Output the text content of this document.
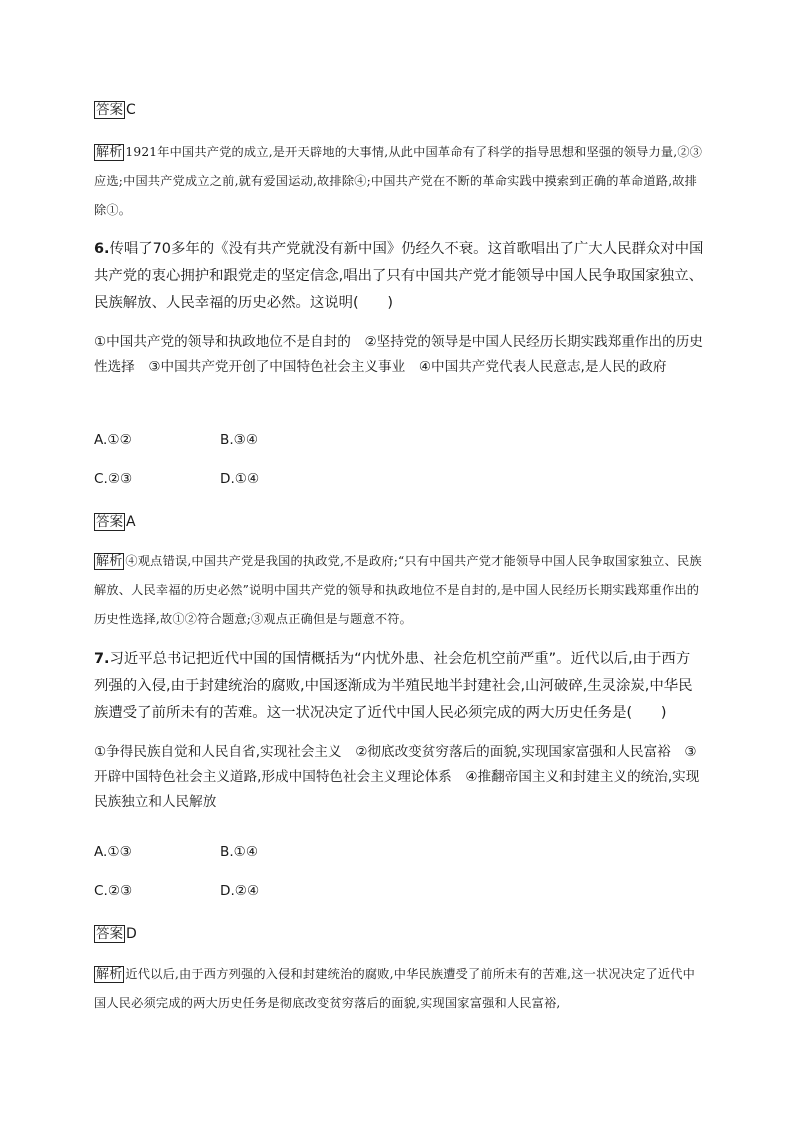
答案 C
解析 1921年中国共产党的成立,是开天辟地的大事情,从此中国革命有了科学的指导思想和坚强的领导力量,②③应选;中国共产党成立之前,就有爱国运动,故排除④;中国共产党在不断的革命实践中摸索到正确的革命道路,故排除①。
6.传唱了70多年的《没有共产党就没有新中国》仍经久不衰。这首歌唱出了广大人民群众对中国共产党的衷心拥护和跟党走的坚定信念,唱出了只有中国共产党才能领导中国人民争取国家独立、民族解放、人民幸福的历史必然。这说明(　　)
①中国共产党的领导和执政地位不是自封的　②坚持党的领导是中国人民经历长期实践郑重作出的历史性选择　③中国共产党开创了中国特色社会主义事业　④中国共产党代表人民意志,是人民的政府
A.①②	B.③④
C.②③	D.①④
答案 A
解析 ④观点错误,中国共产党是我国的执政党,不是政府;“只有中国共产党才能领导中国人民争取国家独立、民族解放、人民幸福的历史必然”说明中国共产党的领导和执政地位不是自封的,是中国人民经历长期实践郑重作出的历史性选择,故①②符合题意;③观点正确但是与题意不符。
7.习近平总书记把近代中国的国情概括为“内忧外患、社会危机空前严重”。近代以后,由于西方列强的入侵,由于封建统治的腐败,中国逐渐成为半殖民地半封建社会,山河破碎,生灵涂炭,中华民族遭受了前所未有的苦难。这一状况决定了近代中国人民必须完成的两大历史任务是(　　)
①争得民族自觉和人民自省,实现社会主义　②彻底改变贫穷落后的面貌,实现国家富强和人民富裕　③开辟中国特色社会主义道路,形成中国特色社会主义理论体系　④推翻帝国主义和封建主义的统治,实现民族独立和人民解放
A.①③	B.①④
C.②③	D.②④
答案 D
解析 近代以后,由于西方列强的入侵和封建统治的腐败,中华民族遭受了前所未有的苦难,这一状况决定了近代中国人民必须完成的两大历史任务是彻底改变贫穷落后的面貌,实现国家富强和人民富裕,
